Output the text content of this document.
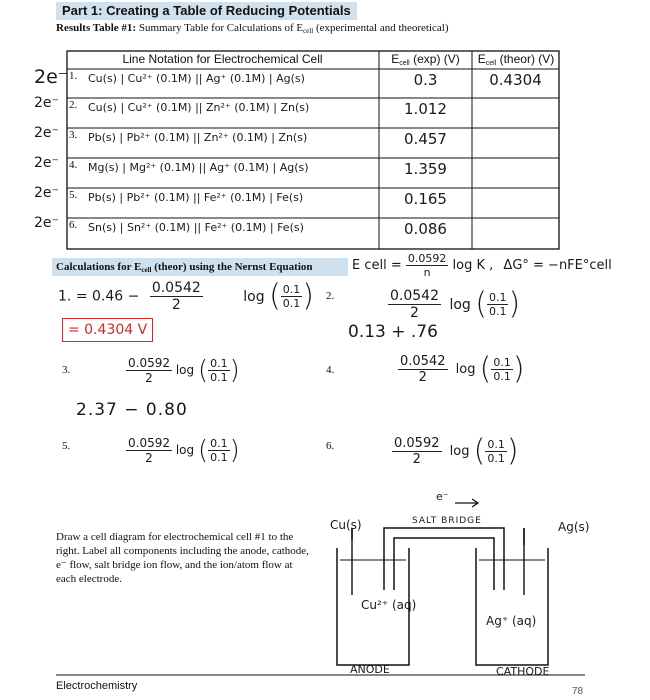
Part 1: Creating a Table of Reducing Potentials
Results Table #1: Summary Table for Calculations of $E_{cell}$ (experimental and theoretical)
Line Notation for Electrochemical Cell	$E_{cell}$ (exp) (V)	$E_{cell}$ (theor) (V)
2e⁻ 1. Cu(s) | Cu²⁺ (0.1M) || Ag⁺ (0.1M) | Ag(s)	0.3	0.4304
2e⁻ 2. Cu(s) | Cu²⁺ (0.1M) || Zn²⁺ (0.1M) | Zn(s)	1.012
2e⁻ 3. Pb(s) | Pb²⁺ (0.1M) || Zn²⁺ (0.1M) | Zn(s)	0.457
2e⁻ 4. Mg(s) | Mg²⁺ (0.1M) || Ag⁺ (0.1M) | Ag(s)	1.359
2e⁻ 5. Pb(s) | Pb²⁺ (0.1M) || Fe²⁺ (0.1M) | Fe(s)	0.165
2e⁻ 6. Sn(s) | Sn²⁺ (0.1M) || Fe²⁺ (0.1M) | Fe(s)	0.086
Calculations for $E_{cell}$ (theor) using the Nernst Equation	E cell = $\frac{0.0592}{n}$ log K , ΔG° = −nFE°cell
1. = $0.46 - \frac{0.0542}{2}$	log ( $\frac{0.1}{0.1}$ )
= 0.4304 V
2.	$\frac{0.0542}{2}$ log ( $\frac{0.1}{0.1}$ )
0.13 + .76
3.	$\frac{0.0592}{2}$ log ( $\frac{0.1}{0.1}$ )
2.37 − 0.80
4.	$\frac{0.0542}{2}$ log ( $\frac{0.1}{0.1}$ )
5.	$\frac{0.0592}{2}$ log ( $\frac{0.1}{0.1}$ )	6.	$\frac{0.0592}{2}$ log ( $\frac{0.1}{0.1}$ )
Draw a cell diagram for electrochemical cell #1 to the right. Label all components including the anode, cathode, e⁻ flow, salt bridge ion flow, and the ion/atom flow at each electrode.
e⁻
SALT BRIDGE
Cu(s)	Ag(s)
Cu²⁺ (aq)
Ag⁺ (aq)
ANODE	CATHODE
Electrochemistry	78
